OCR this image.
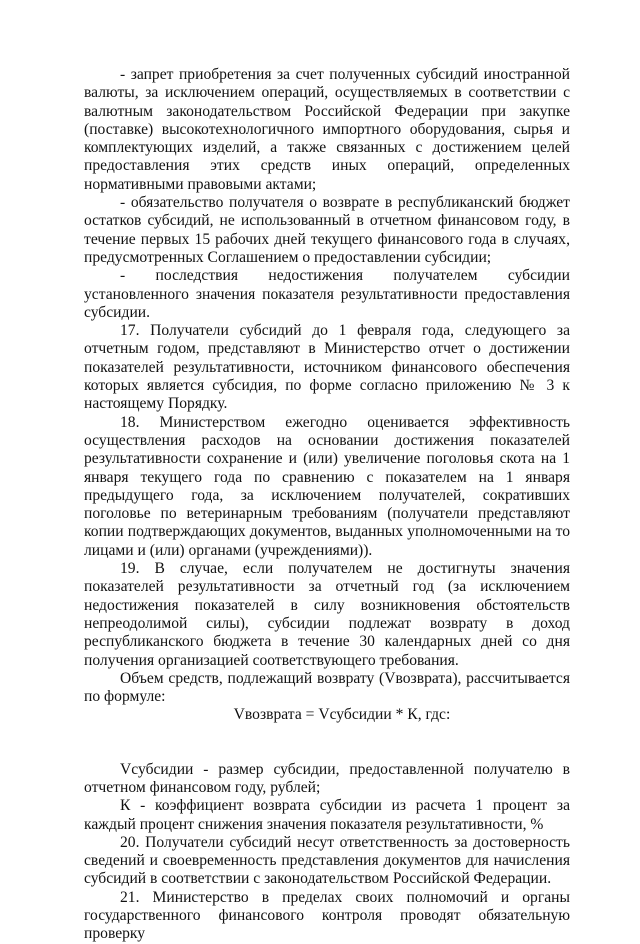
- запрет приобретения за счет полученных субсидий иностранной валюты, за исключением операций, осуществляемых в соответствии с валютным законодательством Российской Федерации при закупке (поставке) высокотехнологичного импортного оборудования, сырья и комплектующих изделий, а также связанных с достижением целей предоставления этих средств иных операций, определенных нормативными правовыми актами;

- обязательство получателя о возврате в республиканский бюджет остатков субсидий, не использованный в отчетном финансовом году, в течение первых 15 рабочих дней текущего финансового года в случаях, предусмотренных Соглашением о предоставлении субсидии;

- последствия недостижения получателем субсидии установленного значения показателя результативности предоставления субсидии.

17. Получатели субсидий до 1 февраля года, следующего за отчетным годом, представляют в Министерство отчет о достижении показателей результативности, источником финансового обеспечения которых является субсидия, по форме согласно приложению № 3 к настоящему Порядку.

18. Министерством ежегодно оценивается эффективность осуществления расходов на основании достижения показателей результативности сохранение и (или) увеличение поголовья скота на 1 января текущего года по сравнению с показателем на 1 января предыдущего года, за исключением получателей, сокративших поголовье по ветеринарным требованиям (получатели представляют копии подтверждающих документов, выданных уполномоченными на то лицами и (или) органами (учреждениями)).

19. В случае, если получателем не достигнуты значения показателей результативности за отчетный год (за исключением недостижения показателей в силу возникновения обстоятельств непреодолимой силы), субсидии подлежат возврату в доход республиканского бюджета в течение 30 календарных дней со дня получения организацией соответствующего требования.

Объем средств, подлежащий возврату (Vвозврата), рассчитывается по формуле:

Vвозврата = Vсубсидии * К, гдс:

Vсубсидии - размер субсидии, предоставленной получателю в отчетном финансовом году, рублей;

К - коэффициент возврата субсидии из расчета 1 процент за каждый процент снижения значения показателя результативности, %

20. Получатели субсидий несут ответственность за достоверность сведений и своевременность представления документов для начисления субсидий в соответствии с законодательством Российской Федерации.

21. Министерство в пределах своих полномочий и органы государственного финансового контроля проводят обязательную проверку
